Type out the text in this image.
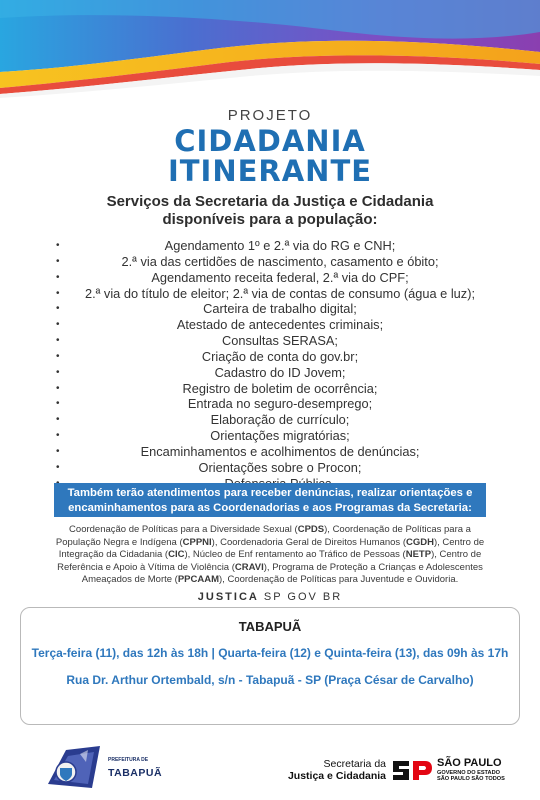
PROJETO
CIDADANIA
ITINERANTE
Serviços da Secretaria da Justiça e Cidadania
disponíveis para a população:
•	Agendamento 1º e 2.ª via do RG e CNH;
•	2.ª via das certidões de nascimento, casamento e óbito;
•	Agendamento receita federal, 2.ª via do CPF;
• 2.ª via do título de eleitor; 2.ª via de contas de consumo (água e luz);
•	Carteira de trabalho digital;
•	Atestado de antecedentes criminais;
•	Consultas SERASA;
•	Criação de conta do gov.br;
•	Cadastro do ID Jovem;
•	Registro de boletim de ocorrência;
•	Entrada no seguro-desemprego;
•	Elaboração de currículo;
•	Orientações migratórias;
•	Encaminhamentos e acolhimentos de denúncias;
•	Orientações sobre o Procon;
Também terão atendimentos para receber denúncias, realizar orientações e
encaminhamentos para as Coordenadorias e aos Programas da Secretaria:
Coordenação de Políticas para a Diversidade Sexual (CPDS), Coordenação de Políticas para a
População Negra e Indígena (CPPNI), Coordenadoria Geral de Direitos Humanos (CGDH), Centro de
Integração da Cidadania (CIC), Núcleo de Enf rentamento ao Tráfico de Pessoas (NETP), Centro de
Referência e Apoio à Vítima de Violência (CRAVI), Programa de Proteção a Crianças e Adolescentes
Ameaçados de Morte (PPCAAM), Coordenação de Políticas para Juventude e Ouvidoria.
JUSTICA SP GOV BR
TABAPUÃ
Terça-feira (11), das 12h às 18h | Quarta-feira (12) e Quinta-feira (13), das 09h às 17h
Rua Dr. Arthur Ortembald, s/n - Tabapuã - SP (Praça César de Carvalho)
PREFEITURA DE
TABAPUÃ
Secretaria da
Justiça e Cidadania
SÃO PAULO
GOVERNO DO ESTADO
SÃO PAULO SÃO TODOS
